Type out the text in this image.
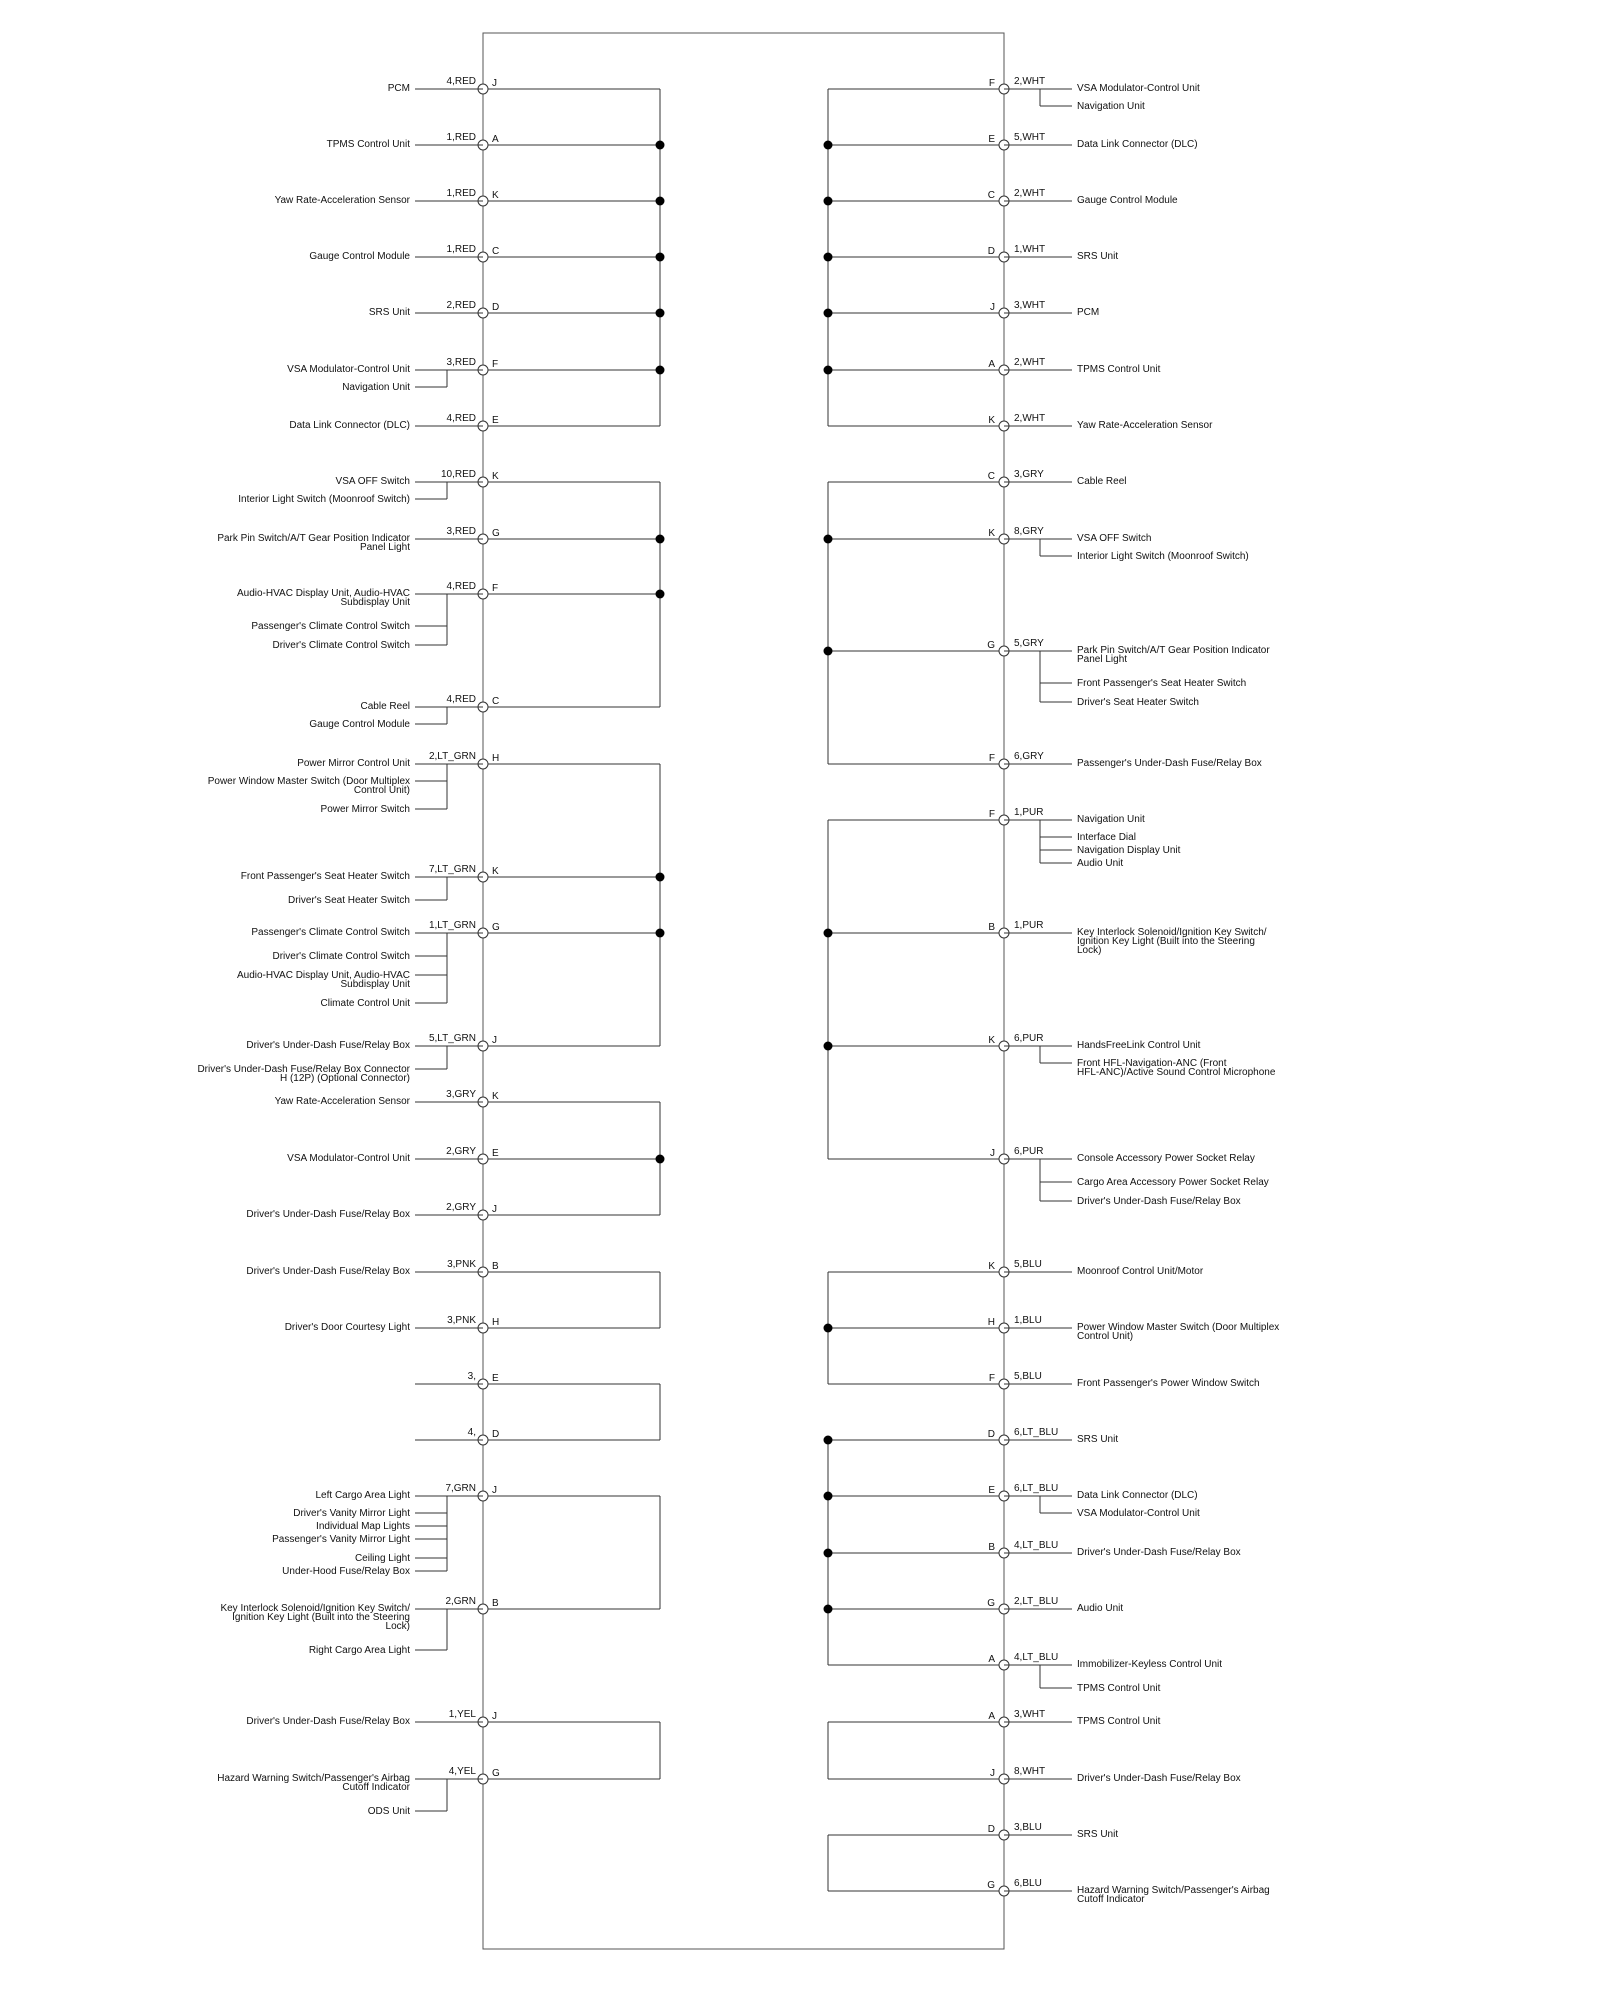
J
4,RED
PCM
A
1,RED
TPMS Control Unit
K
1,RED
Yaw Rate-Acceleration Sensor
C
1,RED
Gauge Control Module
D
2,RED
SRS Unit
F
3,RED
VSA Modulator-Control Unit
Navigation Unit
E
4,RED
Data Link Connector (DLC)
K
10,RED
VSA OFF Switch
Interior Light Switch (Moonroof Switch)
G
3,RED
Park Pin Switch/A/T Gear Position Indicator
Panel Light
F
4,RED
Audio-HVAC Display Unit, Audio-HVAC
Subdisplay Unit
Passenger's Climate Control Switch
Driver's Climate Control Switch
C
4,RED
Cable Reel
Gauge Control Module
H
2,LT_GRN
Power Mirror Control Unit
Power Window Master Switch (Door Multiplex
Control Unit)
Power Mirror Switch
K
7,LT_GRN
Front Passenger's Seat Heater Switch
Driver's Seat Heater Switch
G
1,LT_GRN
Passenger's Climate Control Switch
Driver's Climate Control Switch
Audio-HVAC Display Unit, Audio-HVAC
Subdisplay Unit
Climate Control Unit
J
5,LT_GRN
Driver's Under-Dash Fuse/Relay Box
Driver's Under-Dash Fuse/Relay Box Connector
H (12P) (Optional Connector)
K
3,GRY
Yaw Rate-Acceleration Sensor
E
2,GRY
VSA Modulator-Control Unit
J
2,GRY
Driver's Under-Dash Fuse/Relay Box
B
3,PNK
Driver's Under-Dash Fuse/Relay Box
H
3,PNK
Driver's Door Courtesy Light
E
3,
D
4,
J
7,GRN
Left Cargo Area Light
Driver's Vanity Mirror Light
Individual Map Lights
Passenger's Vanity Mirror Light
Ceiling Light
Under-Hood Fuse/Relay Box
B
2,GRN
Key Interlock Solenoid/Ignition Key Switch/
Ignition Key Light (Built into the Steering
Lock)
Right Cargo Area Light
J
1,YEL
Driver's Under-Dash Fuse/Relay Box
G
4,YEL
Hazard Warning Switch/Passenger's Airbag
Cutoff Indicator
ODS Unit
F 2,WHT
VSA Modulator-Control Unit
Navigation Unit
E 5,WHT
Data Link Connector (DLC)
C 2,WHT
Gauge Control Module
D 1,WHT
SRS Unit
J 3,WHT
PCM
A 2,WHT
TPMS Control Unit
K 2,WHT
Yaw Rate-Acceleration Sensor
C 3,GRY
Cable Reel
K 8,GRY
VSA OFF Switch
Interior Light Switch (Moonroof Switch)
G 5,GRY
Park Pin Switch/A/T Gear Position Indicator
Panel Light
Front Passenger's Seat Heater Switch
Driver's Seat Heater Switch
F 6,GRY
Passenger's Under-Dash Fuse/Relay Box
F 1,PUR
Navigation Unit
Interface Dial
Navigation Display Unit
Audio Unit
B 1,PUR
Key Interlock Solenoid/Ignition Key Switch/
Ignition Key Light (Built into the Steering
Lock)
K 6,PUR
HandsFreeLink Control Unit
Front HFL-Navigation-ANC (Front
HFL-ANC)/Active Sound Control Microphone
J 6,PUR
Console Accessory Power Socket Relay
Cargo Area Accessory Power Socket Relay
Driver's Under-Dash Fuse/Relay Box
K 5,BLU
Moonroof Control Unit/Motor
H 1,BLU
Power Window Master Switch (Door Multiplex
Control Unit)
F 5,BLU
Front Passenger's Power Window Switch
D 6,LT_BLU
SRS Unit
E 6,LT_BLU
Data Link Connector (DLC)
VSA Modulator-Control Unit
B 4,LT_BLU
Driver's Under-Dash Fuse/Relay Box
G 2,LT_BLU
Audio Unit
A 4,LT_BLU
Immobilizer-Keyless Control Unit
TPMS Control Unit
A 3,WHT
TPMS Control Unit
J 8,WHT
Driver's Under-Dash Fuse/Relay Box
D 3,BLU
SRS Unit
G 6,BLU
Hazard Warning Switch/Passenger's Airbag
Cutoff Indicator
